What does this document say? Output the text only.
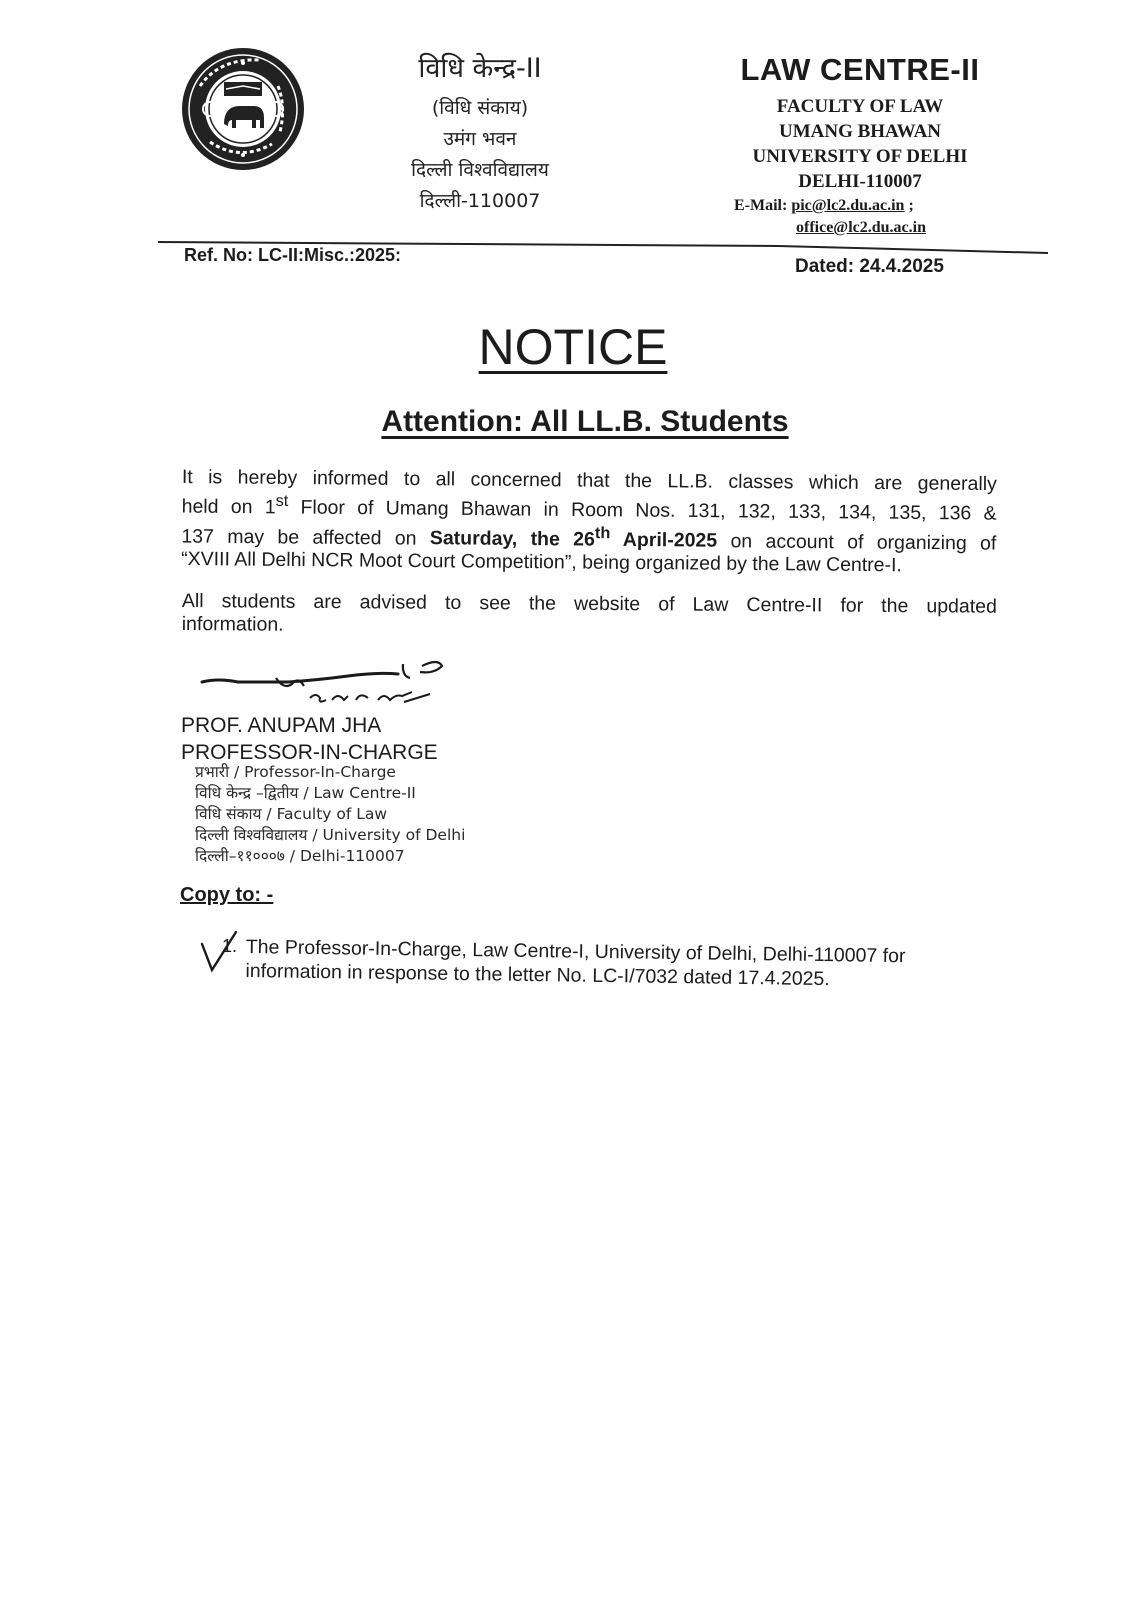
विधि केन्द्र-II
(विधि संकाय)
उमंग भवन
दिल्ली विश्वविद्यालय
दिल्ली-110007
LAW CENTRE-II
FACULTY OF LAW
UMANG BHAWAN
UNIVERSITY OF DELHI
DELHI-110007
E-Mail: pic@lc2.du.ac.in ;
office@lc2.du.ac.in
Ref. No: LC-II:Misc.:2025:
Dated: 24.4.2025
NOTICE
Attention: All LL.B. Students
It is hereby informed to all concerned that the LL.B. classes which are generally
held on 1st Floor of Umang Bhawan in Room Nos. 131, 132, 133, 134, 135, 136 &
137 may be affected on Saturday, the 26th April-2025 on account of organizing of
“XVIII All Delhi NCR Moot Court Competition”, being organized by the Law Centre-I.
All students are advised to see the website of Law Centre-II for the updated
information.
PROF. ANUPAM JHA
PROFESSOR-IN-CHARGE
प्रभारी / Professor-In-Charge
विधि केन्द्र –द्वितीय / Law Centre-II
विधि संकाय / Faculty of Law
दिल्ली विश्वविद्यालय / University of Delhi
दिल्ली–११०००७ / Delhi-110007
Copy to: -
1. The Professor-In-Charge, Law Centre-I, University of Delhi, Delhi-110007 for
information in response to the letter No. LC-I/7032 dated 17.4.2025.
